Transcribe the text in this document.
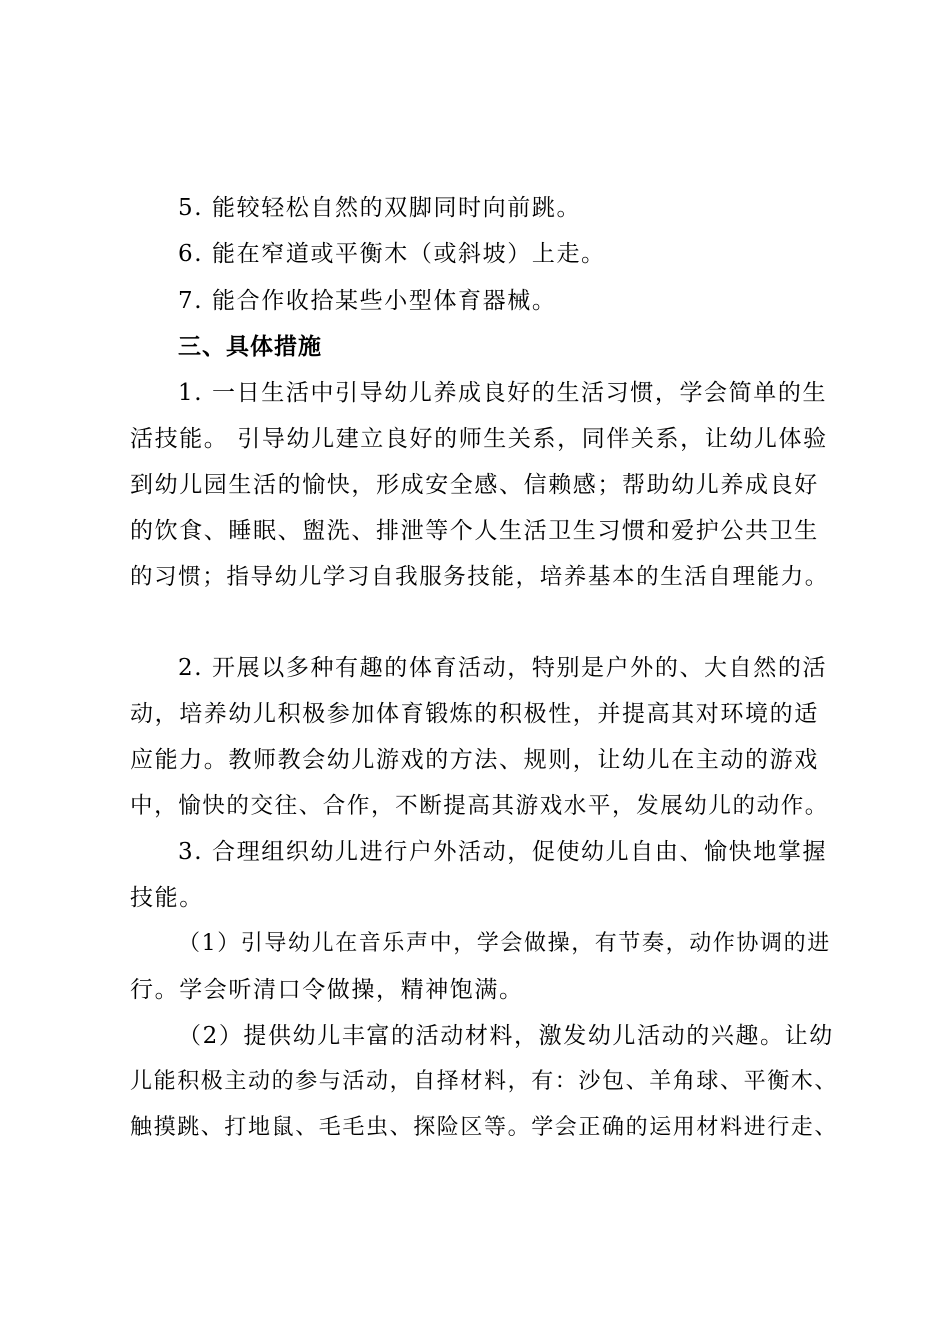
5. 能较轻松自然的双脚同时向前跳。
6. 能在窄道或平衡木（或斜坡）上走。
7. 能合作收拾某些小型体育器械。
三、具体措施
1. 一日生活中引导幼儿养成良好的生活习惯，学会简单的生
活技能。 引导幼儿建立良好的师生关系，同伴关系，让幼儿体验
到幼儿园生活的愉快，形成安全感、信赖感；帮助幼儿养成良好
的饮食、睡眠、盥洗、排泄等个人生活卫生习惯和爱护公共卫生
的习惯；指导幼儿学习自我服务技能，培养基本的生活自理能力。
2. 开展以多种有趣的体育活动，特别是户外的、大自然的活
动，培养幼儿积极参加体育锻炼的积极性，并提高其对环境的适
应能力。教师教会幼儿游戏的方法、规则，让幼儿在主动的游戏
中，愉快的交往、合作，不断提高其游戏水平，发展幼儿的动作。
3. 合理组织幼儿进行户外活动，促使幼儿自由、愉快地掌握
技能。
（1）引导幼儿在音乐声中，学会做操，有节奏，动作协调的进
行。学会听清口令做操，精神饱满。
（2）提供幼儿丰富的活动材料，激发幼儿活动的兴趣。让幼
儿能积极主动的参与活动，自择材料，有：沙包、羊角球、平衡木、
触摸跳、打地鼠、毛毛虫、探险区等。学会正确的运用材料进行走、
